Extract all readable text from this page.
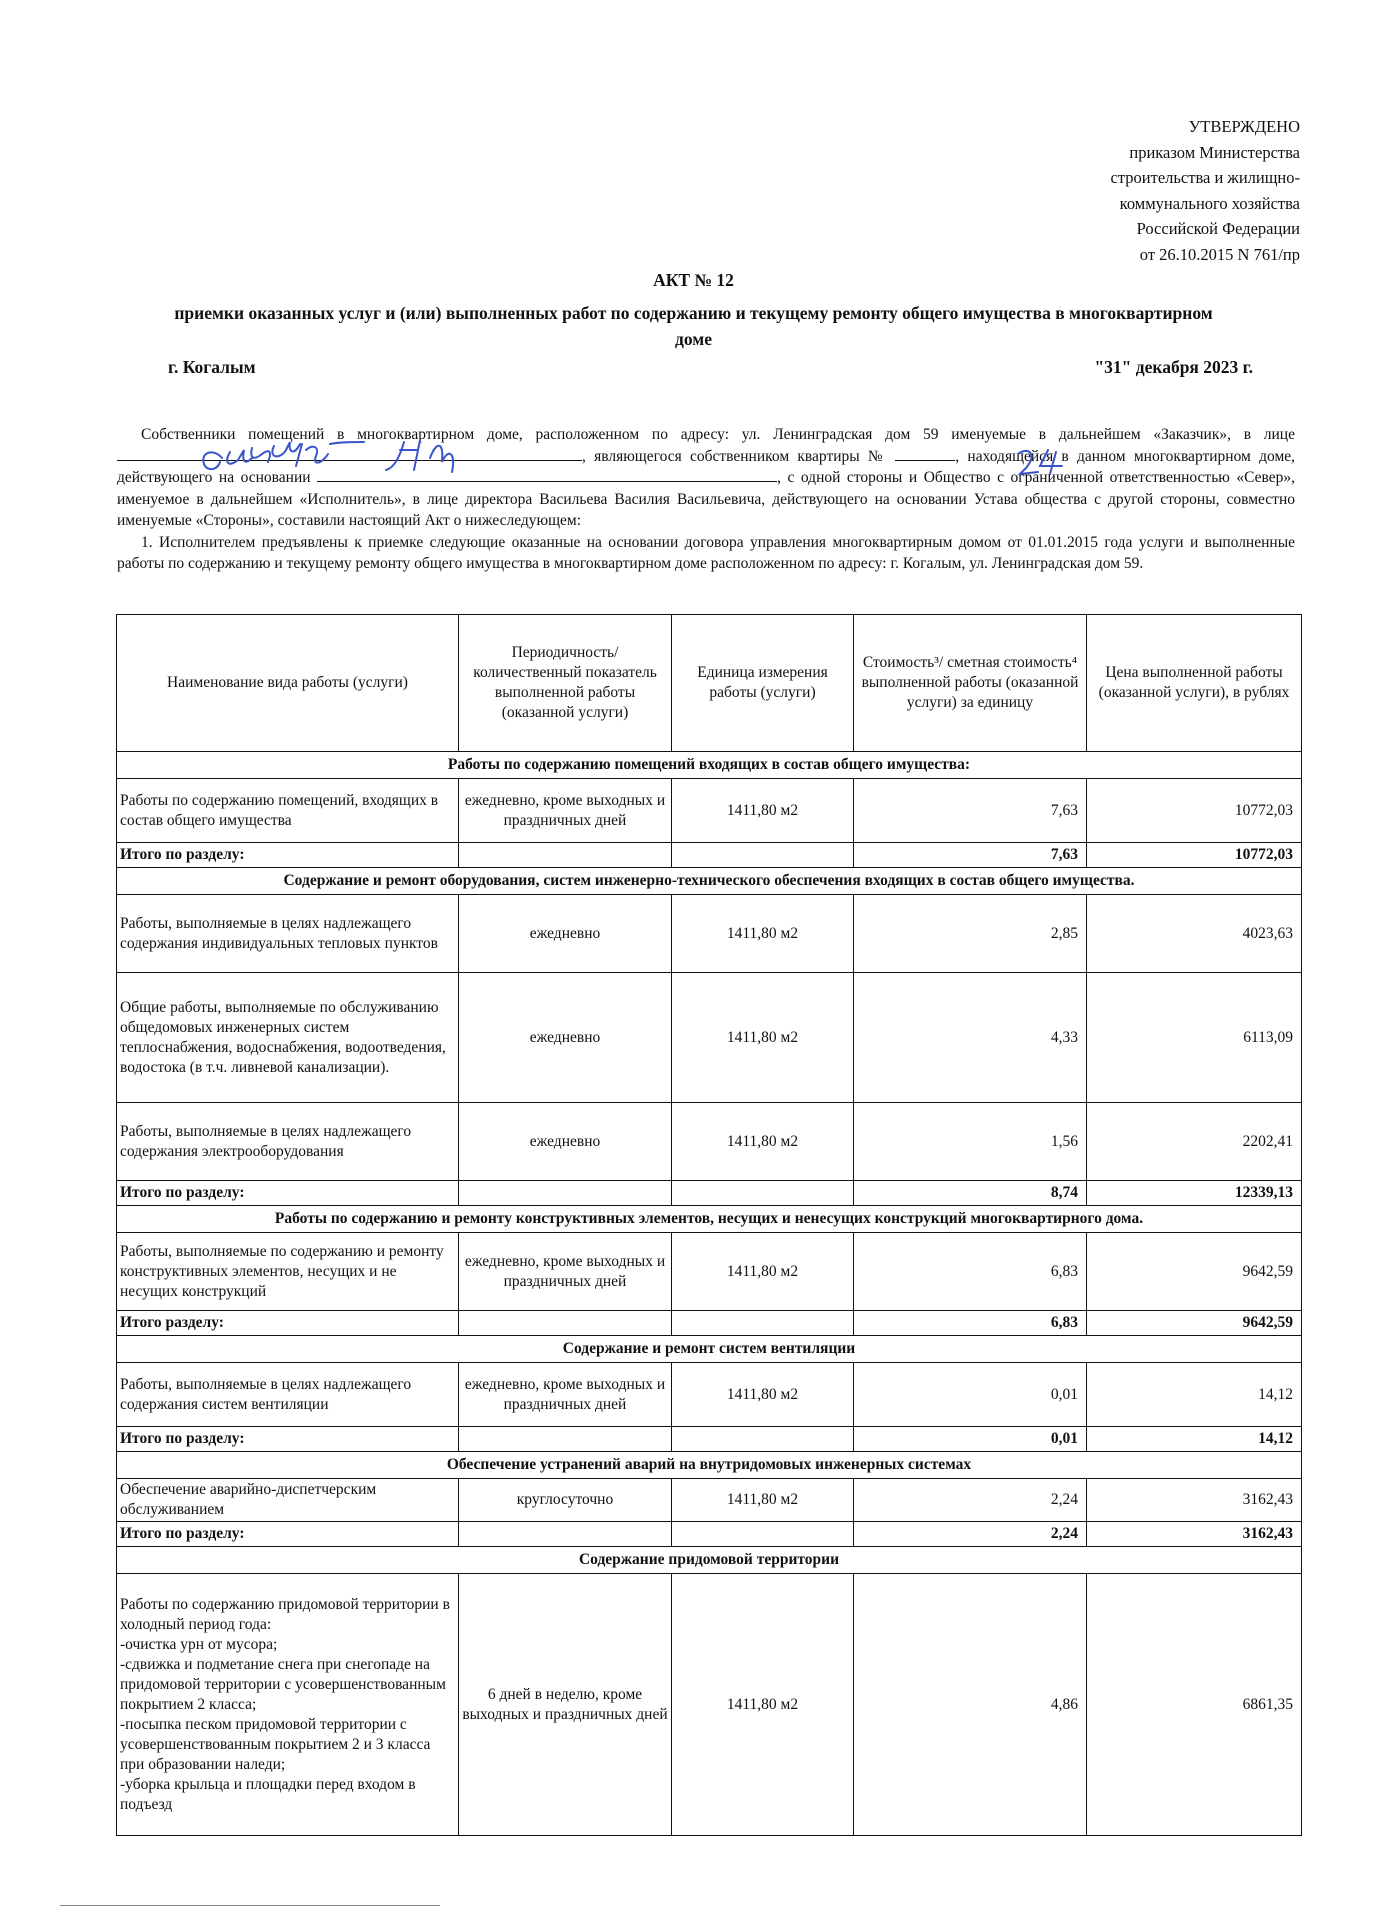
УТВЕРЖДЕНО
приказом Министерства
строительства и жилищно-
коммунального хозяйства
Российской Федерации
от 26.10.2015 N 761/пр
АКТ № 12
приемки оказанных услуг и (или) выполненных работ по содержанию и текущему ремонту общего имущества в многоквартирном доме
г. Когалым	"31" декабря 2023 г.

Собственники помещений в многоквартирном доме, расположенном по адресу: ул. Ленинградская дом 59 именуемые в дальнейшем «Заказчик», в лице , являющегося собственником квартиры №	, находящейся в данном многоквартирном доме, действующего на основании	, с одной стороны и Общество с ограниченной ответственностью «Север», именуемое в дальнейшем «Исполнитель», в лице директора Васильева Василия Васильевича, действующего на основании Устава общества с другой стороны, совместно именуемые «Стороны», составили настоящий Акт о нижеследующем:

1. Исполнителем предъявлены к приемке следующие оказанные на основании договора управления многоквартирным домом от 01.01.2015 года услуги и выполненные работы по содержанию и текущему ремонту общего имущества в многоквартирном доме расположенном по адресу: г. Когалым, ул. Ленинградская дом 59.

Наименование вида работы (услуги)	Периодичность/ количественный показатель выполненной работы (оказанной услуги)	Единица измерения работы (услуги)	Стоимость³/ сметная стоимость⁴ выполненной работы (оказанной услуги) за единицу	Цена выполненной работы (оказанной услуги), в рублях
Работы по содержанию помещений входящих в состав общего имущества:				
Работы по содержанию помещений, входящих в состав общего имущества	ежедневно, кроме выходных и праздничных дней	1411,80 м2	7,63	10772,03
Итого по разделу:			7,63	10772,03
Содержание и ремонт оборудования, систем инженерно-технического обеспечения входящих в состав общего имущества.				
Работы, выполняемые в целях надлежащего содержания индивидуальных тепловых пунктов	ежедневно	1411,80 м2	2,85	4023,63
Общие работы, выполняемые по обслуживанию общедомовых инженерных систем теплоснабжения, водоснабжения, водоотведения, водостока (в т.ч. ливневой канализации).	ежедневно	1411,80 м2	4,33	6113,09
Работы, выполняемые в целях надлежащего содержания электрооборудования	ежедневно	1411,80 м2	1,56	2202,41
Итого по разделу:			8,74	12339,13
Работы по содержанию и ремонту конструктивных элементов, несущих и ненесущих конструкций многоквартирного дома.				
Работы, выполняемые по содержанию и ремонту конструктивных элементов, несущих и не несущих конструкций	ежедневно, кроме выходных и праздничных дней	1411,80 м2	6,83	9642,59
Итого разделу:			6,83	9642,59
Содержание и ремонт систем вентиляции				
Работы, выполняемые в целях надлежащего содержания систем вентиляции	ежедневно, кроме выходных и праздничных дней	1411,80 м2	0,01	14,12
Итого по разделу:			0,01	14,12
Обеспечение устранений аварий на внутридомовых инженерных системах				
Обеспечение аварийно-диспетчерским обслуживанием	круглосуточно	1411,80 м2	2,24	3162,43
Итого по разделу:			2,24	3162,43
Содержание придомовой территории				
Работы по содержанию придомовой территории в холодный период года:
-очистка урн от мусора;
-сдвижка и подметание снега при снегопаде на придомовой территории с усовершенствованным покрытием 2 класса;
-посыпка песком придомовой территории с усовершенствованным покрытием 2 и 3 класса при образовании наледи;
-уборка крыльца и площадки перед входом в подъезд	6 дней в неделю, кроме выходных и праздничных дней	1411,80 м2	4,86	6861,35
